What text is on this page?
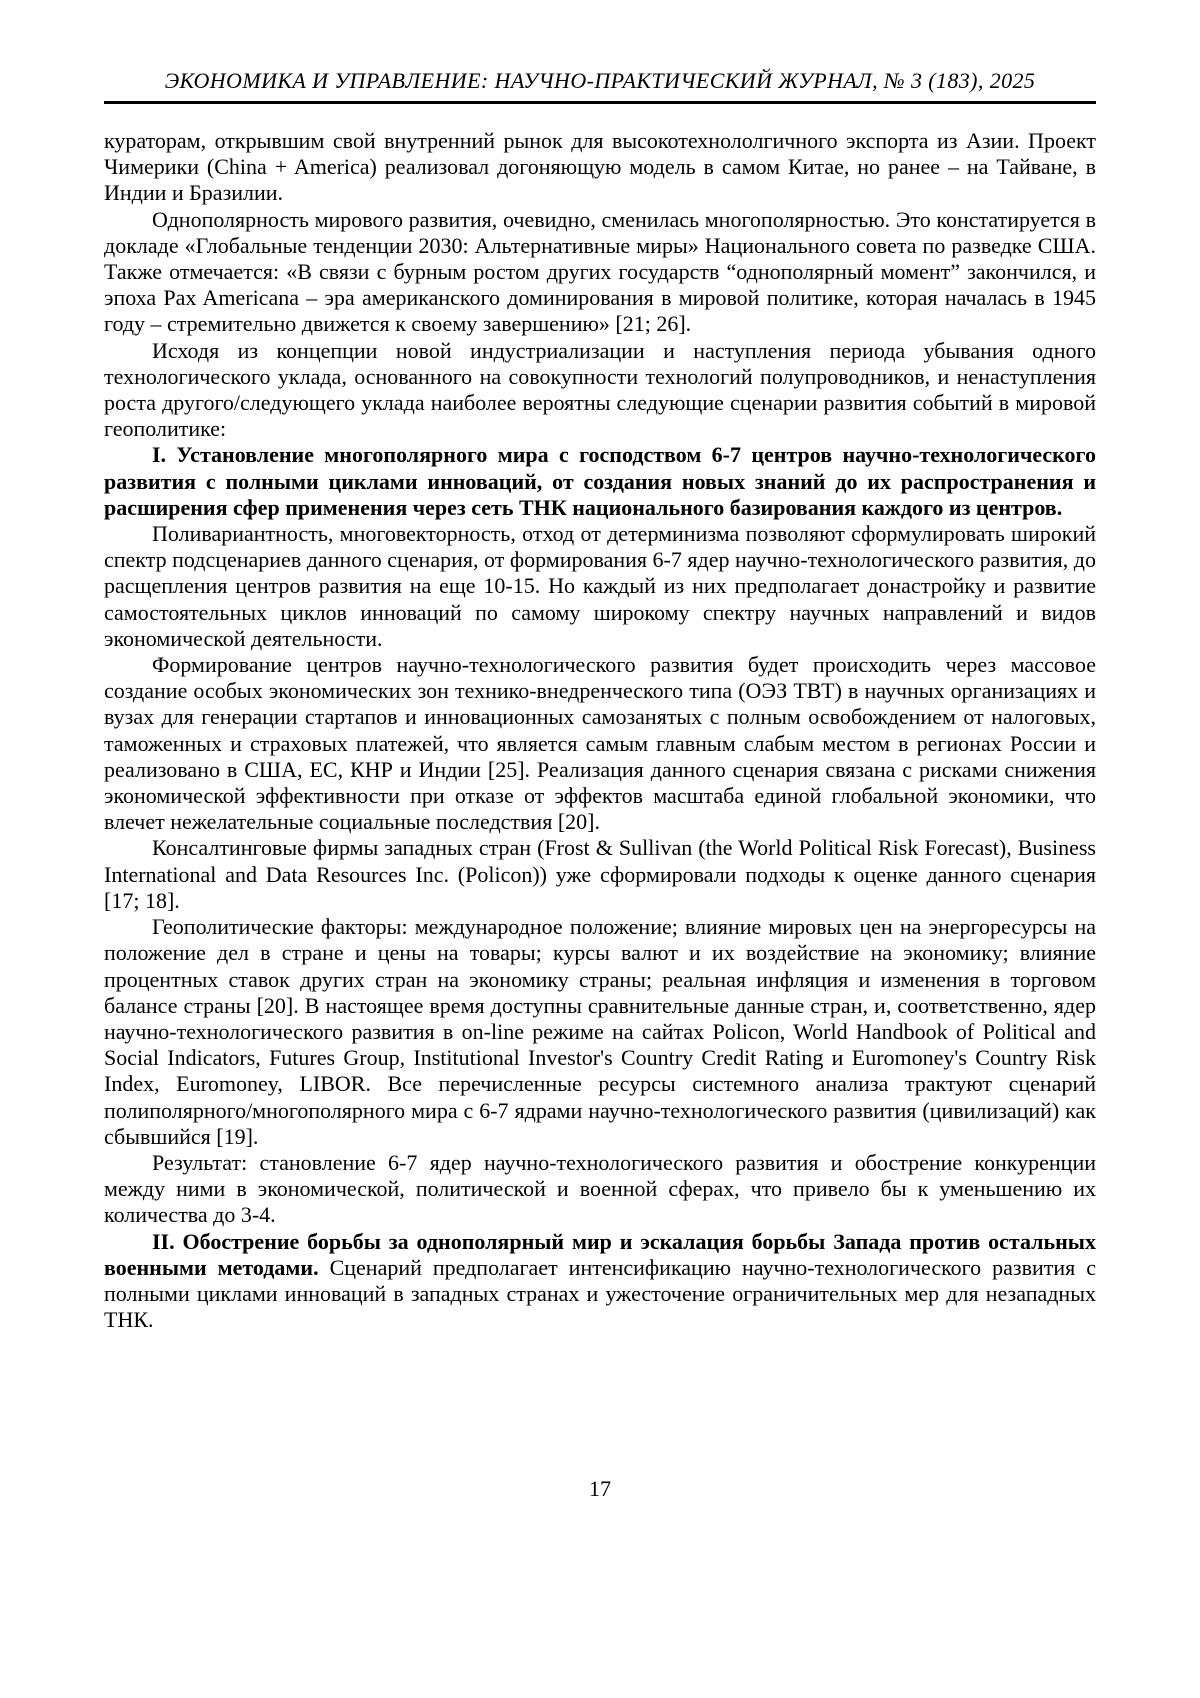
ЭКОНОМИКА И УПРАВЛЕНИЕ: НАУЧНО-ПРАКТИЧЕСКИЙ ЖУРНАЛ, № 3 (183), 2025

кураторам, открывшим свой внутренний рынок для высокотехнололгичного экспорта из Азии. Проект Чимерики (China + America) реализовал догоняющую модель в самом Китае, но ранее – на Тайване, в Индии и Бразилии.

Однополярность мирового развития, очевидно, сменилась многополярностью. Это констатируется в докладе «Глобальные тенденции 2030: Альтернативные миры» Национального совета по разведке США. Также отмечается: «В связи с бурным ростом других государств “однополярный момент” закончился, и эпоха Pax Americana – эра американского доминирования в мировой политике, которая началась в 1945 году – стремительно движется к своему завершению» [21; 26].

Исходя из концепции новой индустриализации и наступления периода убывания одного технологического уклада, основанного на совокупности технологий полупроводников, и ненаступления роста другого/следующего уклада наиболее вероятны следующие сценарии развития событий в мировой геополитике:

I. Установление многополярного мира с господством 6-7 центров научно-технологического развития с полными циклами инноваций, от создания новых знаний до их распространения и расширения сфер применения через сеть ТНК национального базирования каждого из центров.

Поливариантность, многовекторность, отход от детерминизма позволяют сформулировать широкий спектр подсценариев данного сценария, от формирования 6-7 ядер научно-технологического развития, до расщепления центров развития на еще 10-15. Но каждый из них предполагает донастройку и развитие самостоятельных циклов инноваций по самому широкому спектру научных направлений и видов экономической деятельности.

Формирование центров научно-технологического развития будет происходить через массовое создание особых экономических зон технико-внедренческого типа (ОЭЗ ТВТ) в научных организациях и вузах для генерации стартапов и инновационных самозанятых с полным освобождением от налоговых, таможенных и страховых платежей, что является самым главным слабым местом в регионах России и реализовано в США, ЕС, КНР и Индии [25]. Реализация данного сценария связана с рисками снижения экономической эффективности при отказе от эффектов масштаба единой глобальной экономики, что влечет нежелательные социальные последствия [20].

Консалтинговые фирмы западных стран (Frost & Sullivan (the World Political Risk Forecast), Business International and Data Resources Inc. (Policon)) уже сформировали подходы к оценке данного сценария [17; 18].

Геополитические факторы: международное положение; влияние мировых цен на энергоресурсы на положение дел в стране и цены на товары; курсы валют и их воздействие на экономику; влияние процентных ставок других стран на экономику страны; реальная инфляция и изменения в торговом балансе страны [20]. В настоящее время доступны сравнительные данные стран, и, соответственно, ядер научно-технологического развития в on-line режиме на сайтах Policon, World Handbook of Political and Social Indicators, Futures Group, Institutional Investor's Country Credit Rating и Euromoney's Country Risk Index, Euromoney, LIBOR. Все перечисленные ресурсы системного анализа трактуют сценарий полиполярного/многополярного мира с 6-7 ядрами научно-технологического развития (цивилизаций) как сбывшийся [19].

Результат: становление 6-7 ядер научно-технологического развития и обострение конкуренции между ними в экономической, политической и военной сферах, что привело бы к уменьшению их количества до 3-4.

II. Обострение борьбы за однополярный мир и эскалация борьбы Запада против остальных военными методами. Сценарий предполагает интенсификацию научно-технологического развития с полными циклами инноваций в западных странах и ужесточение ограничительных мер для незападных ТНК.

17
